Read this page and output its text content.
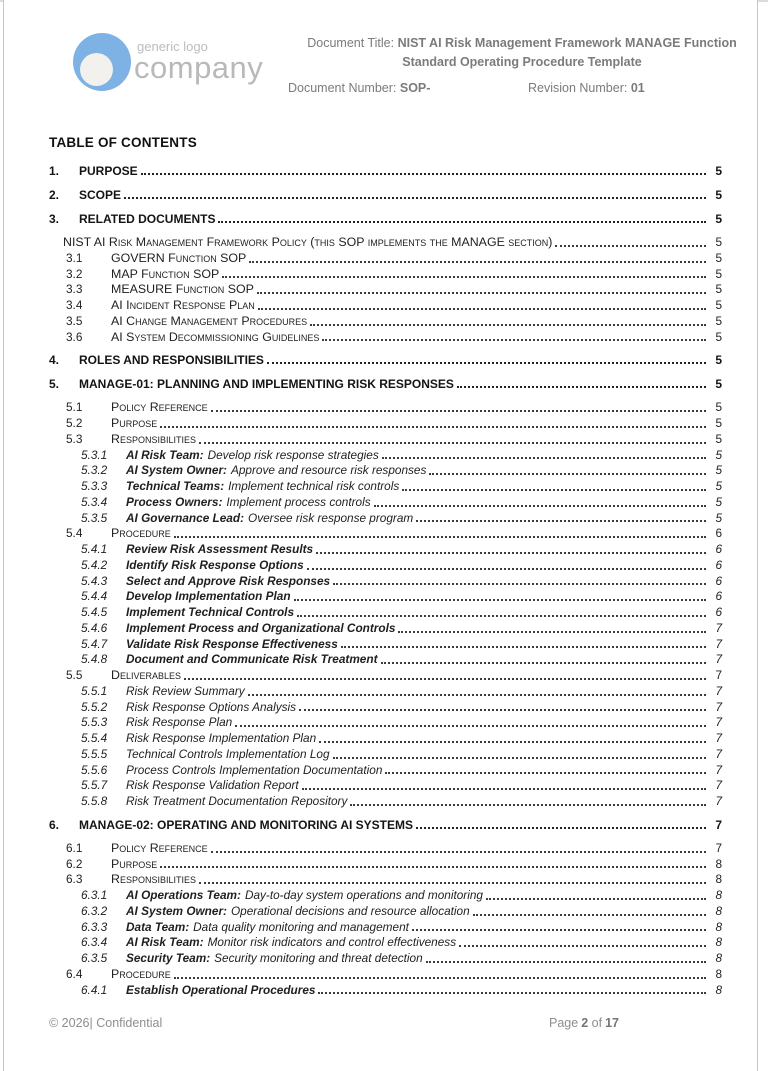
generic logo
company
Document Title: NIST AI Risk Management Framework MANAGE Function
Standard Operating Procedure Template
Document Number: SOP-	Revision Number: 01
TABLE OF CONTENTS
1.	PURPOSE	5
2.	SCOPE	5
3.	RELATED DOCUMENTS	5
NIST AI Risk Management Framework Policy (this SOP implements the MANAGE section)	5
3.1	GOVERN Function SOP	5
3.2	MAP Function SOP	5
3.3	MEASURE Function SOP	5
3.4	AI Incident Response Plan	5
3.5	AI Change Management Procedures	5
3.6	AI System Decommissioning Guidelines	5
4.	ROLES AND RESPONSIBILITIES	5
5.	MANAGE-01: PLANNING AND IMPLEMENTING RISK RESPONSES	5
5.1	Policy Reference	5
5.2	Purpose	5
5.3	Responsibilities	5
5.3.1	AI Risk Team: Develop risk response strategies	5
5.3.2	AI System Owner: Approve and resource risk responses	5
5.3.3	Technical Teams: Implement technical risk controls	5
5.3.4	Process Owners: Implement process controls	5
5.3.5	AI Governance Lead: Oversee risk response program	5
5.4	Procedure	6
5.4.1	Review Risk Assessment Results	6
5.4.2	Identify Risk Response Options	6
5.4.3	Select and Approve Risk Responses	6
5.4.4	Develop Implementation Plan	6
5.4.5	Implement Technical Controls	6
5.4.6	Implement Process and Organizational Controls	7
5.4.7	Validate Risk Response Effectiveness	7
5.4.8	Document and Communicate Risk Treatment	7
5.5	Deliverables	7
5.5.1	Risk Review Summary	7
5.5.2	Risk Response Options Analysis	7
5.5.3	Risk Response Plan	7
5.5.4	Risk Response Implementation Plan	7
5.5.5	Technical Controls Implementation Log	7
5.5.6	Process Controls Implementation Documentation	7
5.5.7	Risk Response Validation Report	7
5.5.8	Risk Treatment Documentation Repository	7
6.	MANAGE-02: OPERATING AND MONITORING AI SYSTEMS	7
6.1	Policy Reference	7
6.2	Purpose	8
6.3	Responsibilities	8
6.3.1	AI Operations Team: Day-to-day system operations and monitoring	8
6.3.2	AI System Owner: Operational decisions and resource allocation	8
6.3.3	Data Team: Data quality monitoring and management	8
6.3.4	AI Risk Team: Monitor risk indicators and control effectiveness	8
6.3.5	Security Team: Security monitoring and threat detection	8
6.4	Procedure	8
6.4.1	Establish Operational Procedures	8
© 2026| Confidential	Page 2 of 17
